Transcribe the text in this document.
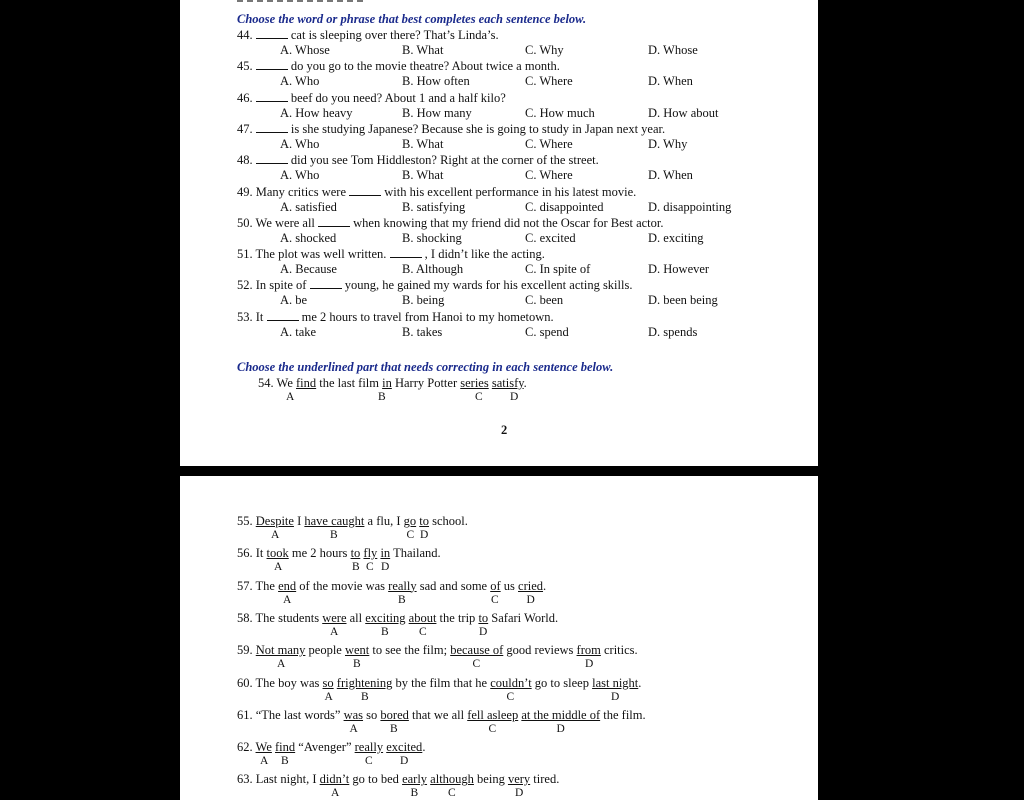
Choose the word or phrase that best completes each sentence below.
44.	cat is sleeping over there? That’s Linda’s.
A. Whose	B. What	C. Why	D. Whose
45.	do you go to the movie theatre? About twice a month.
A. Who	B. How often	C. Where	D. When
46.	beef do you need? About 1 and a half kilo?
A. How heavy	B. How many	C. How much	D. How about
47.	is she studying Japanese? Because she is going to study in Japan next year.
A. Who	B. What	C. Where	D. Why
48.	did you see Tom Hiddleston? Right at the corner of the street.
A. Who	B. What	C. Where	D. When
49. Many critics were	with his excellent performance in his latest movie.
A. satisfied	B. satisfying	C. disappointed	D. disappointing
50. We were all	when knowing that my friend did not the Oscar for Best actor.
A. shocked	B. shocking	C. excited	D. exciting
51. The plot was well written.	, I didn’t like the acting.
A. Because	B. Although	C. In spite of	D. However
52. In spite of	young, he gained my wards for his excellent acting skills.
A. be	B. being	C. been	D. been being
53. It	me 2 hours to travel from Hanoi to my hometown.
A. take	B. takes	C. spend	D. spends
Choose the underlined part that needs correcting in each sentence below.
54. We find the last film in Harry Potter series satisfy.
A	B	C D
2
55. Despite I have caught a flu, I go to school.
A	B	C D
56. It took me 2 hours to fly in Thailand.
A	B C D
57. The end of the movie was really sad and some of us cried.
A	B	C D
58. The students were all exciting about the trip to Safari World.
A	B	C	D
59. Not many people went to see the film; because of good reviews from critics.
A	B	C	D
60. The boy was so frightening by the film that he couldn’t go to sleep last night.
A B	C	D
61. “The last words” was so bored that we all fell asleep at the middle of the film.
A	B	C	D
62. We find “Avenger” really excited.
A B	C D
63. Last night, I didn’t go to bed early although being very tired.
A	B	C	D
